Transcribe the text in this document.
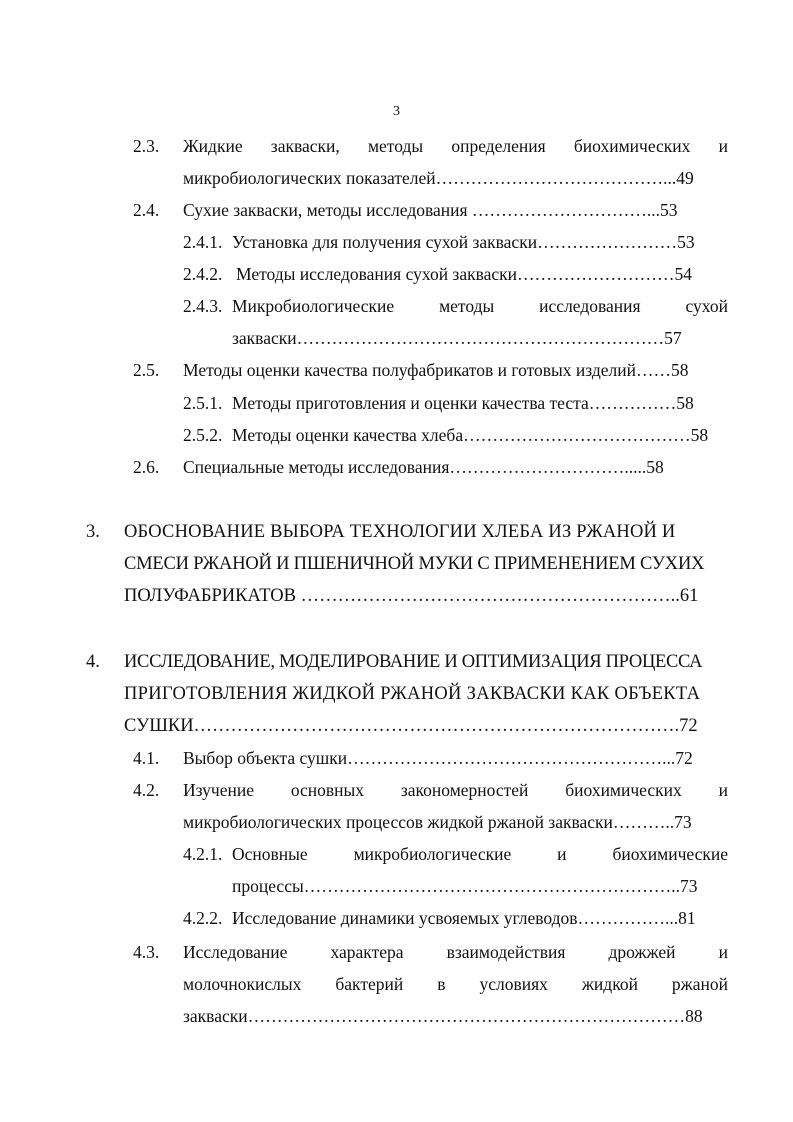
3
2.3. Жидкие закваски, методы определения биохимических и
микробиологических показателей…………………………………...49
2.4. Сухие закваски, методы исследования …………………………...53
2.4.1. Установка для получения сухой закваски……………………53
2.4.2. Методы исследования сухой закваски………………………54
2.4.3. Микробиологические	методы	исследования	сухой
закваски………………………………………………………57
2.5. Методы оценки качества полуфабрикатов и готовых изделий……58
2.5.1. Методы приготовления и оценки качества теста……………58
2.5.2. Методы оценки качества хлеба…………………………………58
2.6. Специальные методы исследования………………………….....58
3. ОБОСНОВАНИЕ ВЫБОРА ТЕХНОЛОГИИ ХЛЕБА ИЗ РЖАНОЙ И
СМЕСИ РЖАНОЙ И ПШЕНИЧНОЙ МУКИ С ПРИМЕНЕНИЕМ СУХИХ
ПОЛУФАБРИКАТОВ ……………………………………………………..61
4. ИССЛЕДОВАНИЕ, МОДЕЛИРОВАНИЕ И ОПТИМИЗАЦИЯ ПРОЦЕССА
ПРИГОТОВЛЕНИЯ ЖИДКОЙ РЖАНОЙ ЗАКВАСКИ КАК ОБЪЕКТА
СУШКИ…………………………………………………………………….72
4.1. Выбор объекта сушки………………………………………………...72
4.2. Изучение основных закономерностей биохимических и
микробиологических процессов жидкой ржаной закваски………..73
4.2.1. Основные	микробиологические	и	биохимические
процессы………………………………………………………..73
4.2.2. Исследование динамики усвояемых углеводов……………...81
4.3. Исследование характера взаимодействия дрожжей и
молочнокислых бактерий в условиях жидкой ржаной
закваски…………………………………………………………………88
